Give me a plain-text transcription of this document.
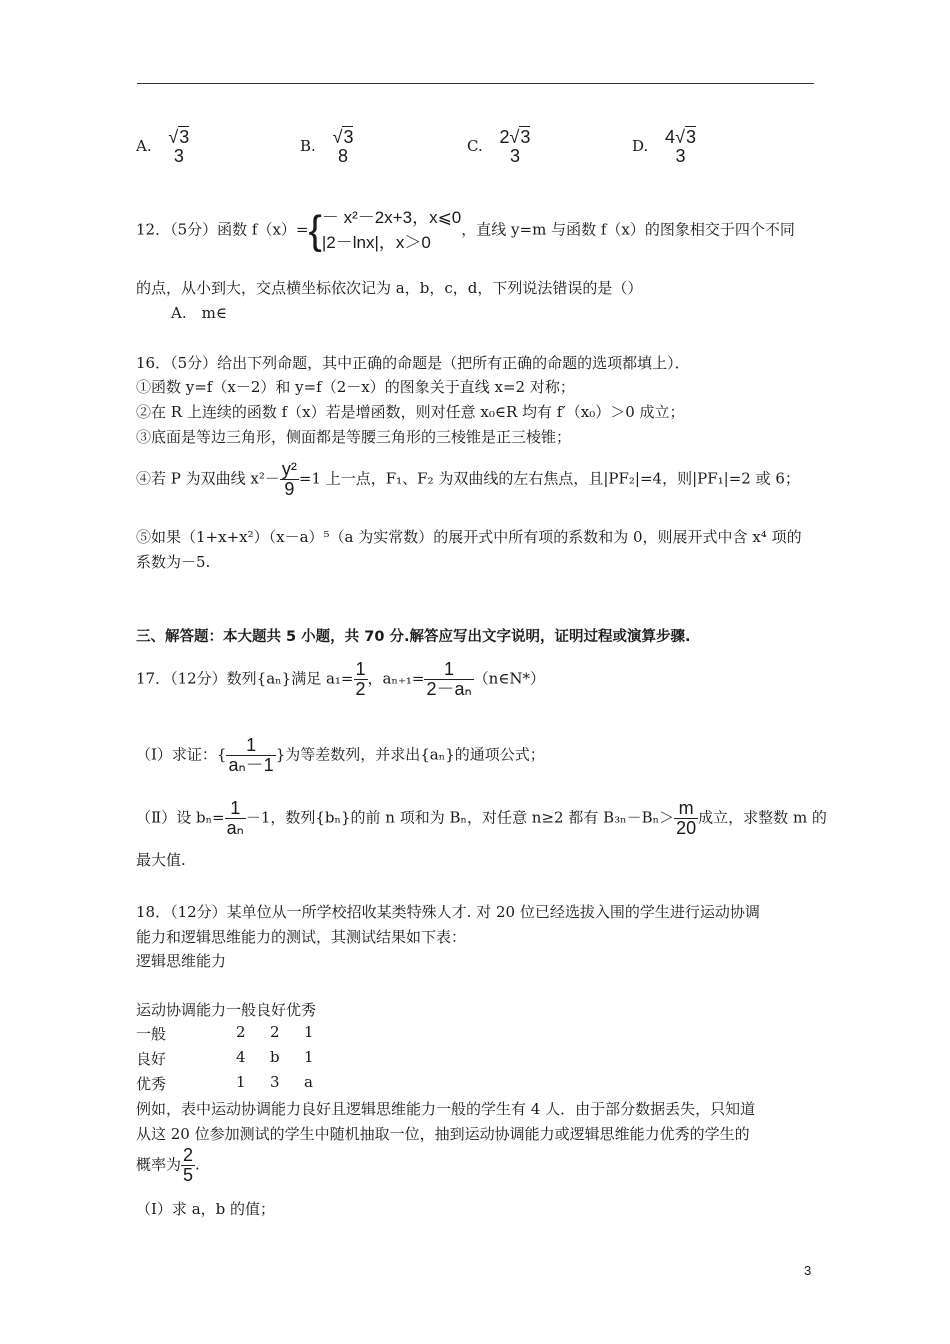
A. √3
3	B. √3
8	C. 2√3
3	D. 4√3
3
12．（5分）函数 f（x）={ － x²－2x+3，x⩽0
|2－lnx|，x＞0
，直线 y=m 与函数 f（x）的图象相交于四个不同
的点，从小到大，交点横坐标依次记为 a，b，c，d，下列说法错误的是（）
A.　m∈
16．（5分）给出下列命题，其中正确的命题是（把所有正确的命题的选项都填上）．
①函数 y=f（x－2）和 y=f（2－x）的图象关于直线 x=2 对称；
②在 R 上连续的函数 f（x）若是增函数，则对任意 x₀∈R 均有 f′（x₀）＞0 成立；
③底面是等边三角形，侧面都是等腰三角形的三棱锥是正三棱锥；
④若 P 为双曲线 $x^2- \frac{\text{y²}}{9} =1$ 上一点，F₁、F₂ 为双曲线的左右焦点，且|PF₂|=4，则|PF₁|=2 或 6；
⑤如果（1+x+x²）（x－a）⁵（a 为实常数）的展开式中所有项的系数和为 0，则展开式中含 x⁴ 项的
系数为－5.
三、解答题：本大题共 5 小题，共 70 分.解答应写出文字说明，证明过程或演算步骤.
17．（12分）数列{aₙ}满足 $a_1= \frac{1}{2}$ ，$a_{n+1}= \frac{1}{\text{2－aₙ}}$ （n∈N*）
（Ⅰ）求证：{ $\frac{1}{\text{aₙ－1}}$ }为等差数列，并求出{aₙ}的通项公式；
（Ⅱ）设 $b_n= \frac{1}{\text{aₙ}} -1$，数列{bₙ}的前 n 项和为 Bₙ，对任意 n≥2 都有 $B_{3n}-B_n> \frac{m}{20}$ 成立，求整数 m 的
最大值.
18．（12分）某单位从一所学校招收某类特殊人才. 对 20 位已经选拔入围的学生进行运动协调
能力和逻辑思维能力的测试，其测试结果如下表：
逻辑思维能力
运动协调能力一般良好优秀
一般	2 2 1
良好	4 b 1
优秀	1 3 a
例如，表中运动协调能力良好且逻辑思维能力一般的学生有 4 人．由于部分数据丢失，只知道
从这 20 位参加测试的学生中随机抽取一位，抽到运动协调能力或逻辑思维能力优秀的学生的
概率为 $\frac{2}{5}$ .
（Ⅰ）求 a，b 的值；
3
